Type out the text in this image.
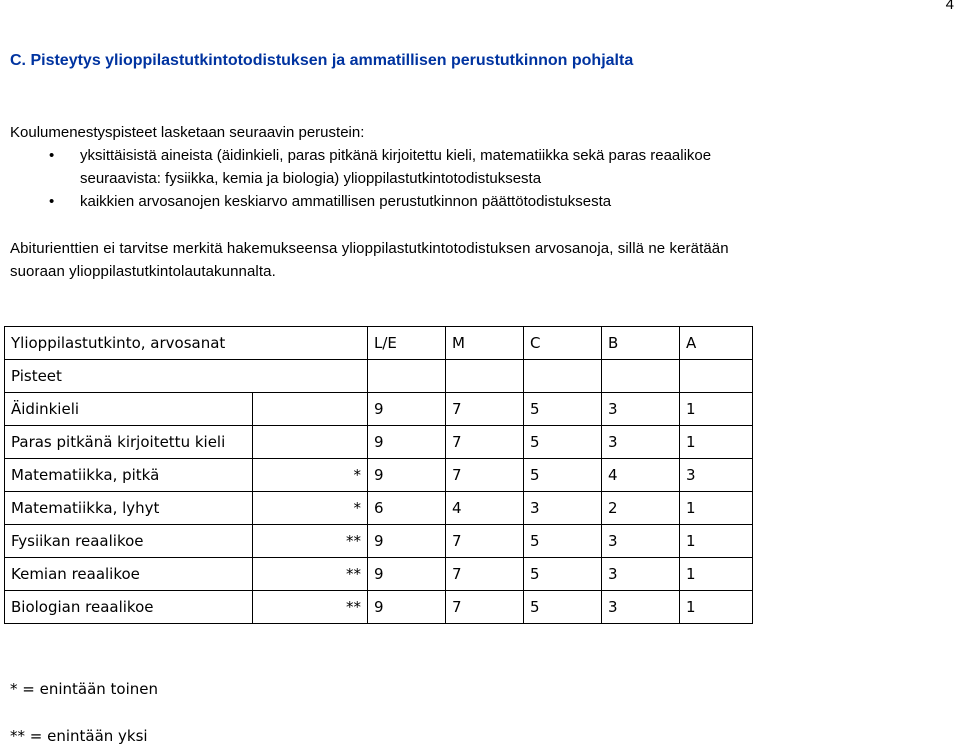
4
C. Pisteytys ylioppilastutkintotodistuksen ja ammatillisen perustutkinnon pohjalta
Koulumenestyspisteet lasketaan seuraavin perustein:
• yksittäisistä aineista (äidinkieli, paras pitkänä kirjoitettu kieli, matematiikka sekä paras reaalikoe
seuraavista: fysiikka, kemia ja biologia) ylioppilastutkintotodistuksesta
• kaikkien arvosanojen keskiarvo ammatillisen perustutkinnon päättötodistuksesta
Abiturienttien ei tarvitse merkitä hakemukseensa ylioppilastutkintotodistuksen arvosanoja, sillä ne kerätään
suoraan ylioppilastutkintolautakunnalta.
Ylioppilastutkinto, arvosanat		L/E	M	C	B	A
Pisteet						
Äidinkieli		9	7	5	3	1
Paras pitkänä kirjoitettu kieli		9	7	5	3	1
Matematiikka, pitkä	*	9	7	5	4	3
Matematiikka, lyhyt	*	6	4	3	2	1
Fysiikan reaalikoe	**	9	7	5	3	1
Kemian reaalikoe	**	9	7	5	3	1
Biologian reaalikoe	**	9	7	5	3	1
* = enintään toinen
** = enintään yksi
